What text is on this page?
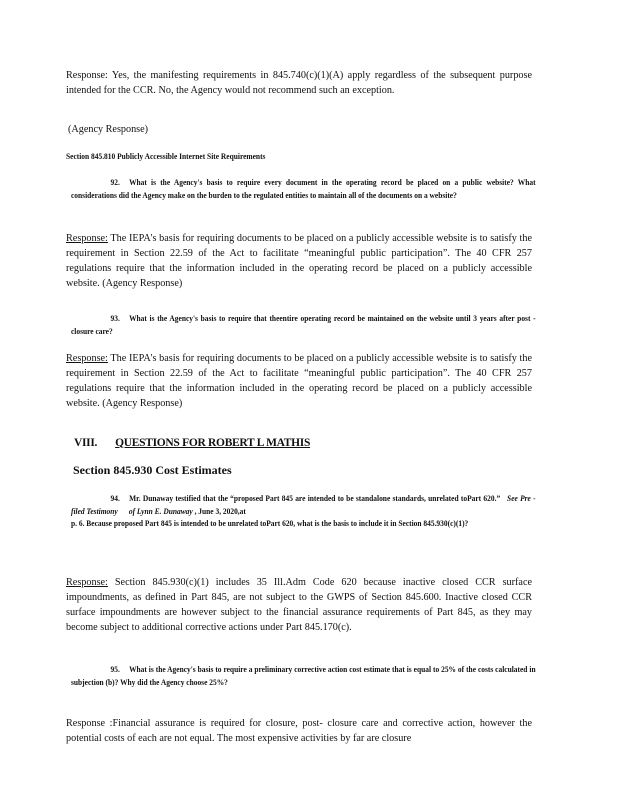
Response: Yes, the manifesting requirements in 845.740(c)(1)(A) apply regardless of the subsequent purpose intended for the CCR. No, the Agency would not recommend such an exception.

(Agency Response)

Section 845.810 Publicly Accessible Internet Site Requirements

92. What is the Agency's basis to require every document in the operating record be placed on a public website? What considerations did the Agency make on the burden to the regulated entities to maintain all of the documents on a website?

Response: The IEPA's basis for requiring documents to be placed on a publicly accessible website is to satisfy the requirement in Section 22.59 of the Act to facilitate “meaningful public participation”. The 40 CFR 257 regulations require that the information included in the operating record be placed on a publicly accessible website. (Agency Response)

93. What is the Agency's basis to require that theentire operating record be maintained on the website until 3 years after post - closure care?

Response: The IEPA's basis for requiring documents to be placed on a publicly accessible website is to satisfy the requirement in Section 22.59 of the Act to facilitate “meaningful public participation”. The 40 CFR 257 regulations require that the information included in the operating record be placed on a publicly accessible website. (Agency Response)

VIII. QUESTIONS FOR ROBERT L MATHIS
Section 845.930 Cost Estimates

94. Mr. Dunaway testified that the “proposed Part 845 are intended to be standalone standards, unrelated toPart 620.” See Pre - filed Testimony of Lynn E. Dunaway , June 3, 2020,at
p. 6. Because proposed Part 845 is intended to be unrelated toPart 620, what is the basis to include it in Section 845.930(c)(1)?

Response: Section 845.930(c)(1) includes 35 Ill.Adm Code 620 because inactive closed CCR surface impoundments, as defined in Part 845, are not subject to the GWPS of Section 845.600. Inactive closed CCR surface impoundments are however subject to the financial assurance requirements of Part 845, as they may become subject to additional corrective actions under Part 845.170(c).

95. What is the Agency's basis to require a preliminary corrective action cost estimate that is equal to 25% of the costs calculated in subjection (b)? Why did the Agency choose 25%?

Response :Financial assurance is required for closure, post- closure care and corrective action, however the potential costs of each are not equal. The most expensive activities by far are closure
